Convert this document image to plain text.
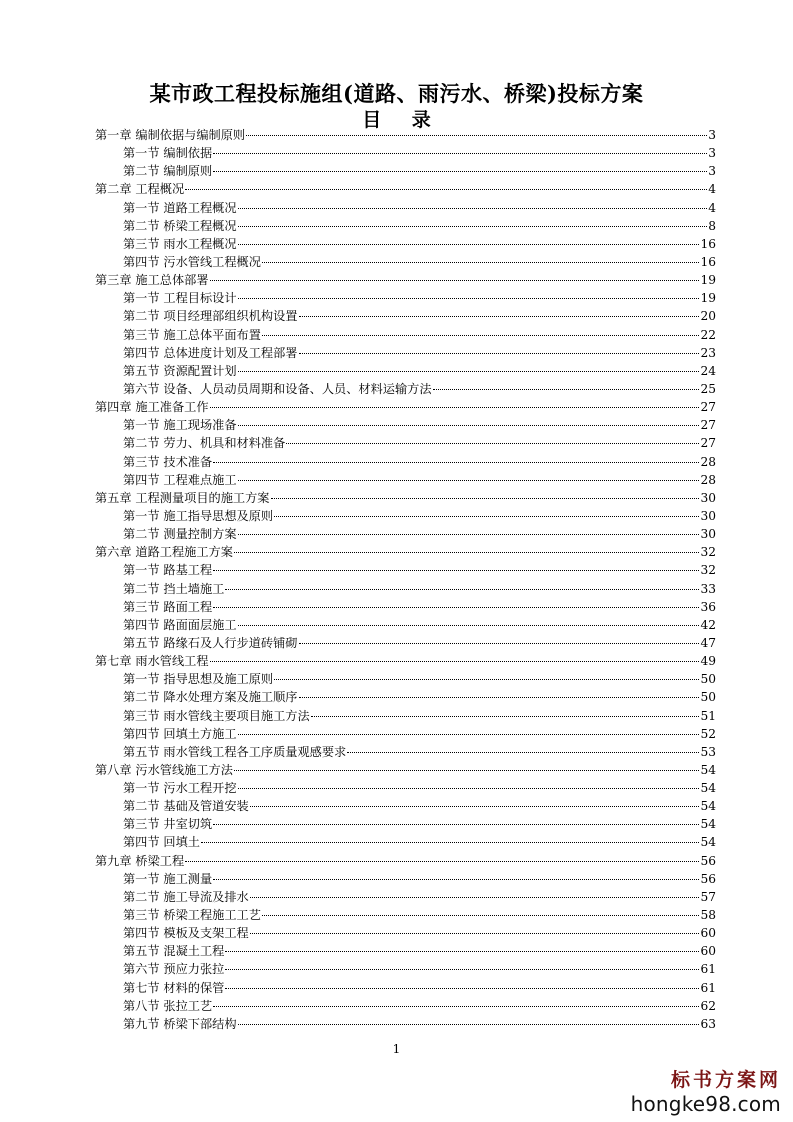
某市政工程投标施组(道路、雨污水、桥梁)投标方案
目 录
第一章 编制依据与编制原则	3
第一节 编制依据	3
第二节 编制原则	3
第二章 工程概况	4
第一节 道路工程概况	4
第二节 桥梁工程概况	8
第三节 雨水工程概况	16
第四节 污水管线工程概况	16
第三章 施工总体部署	19
第一节 工程目标设计	19
第二节 项目经理部组织机构设置	20
第三节 施工总体平面布置	22
第四节 总体进度计划及工程部署	23
第五节 资源配置计划	24
第六节 设备、人员动员周期和设备、人员、材料运输方法	25
第四章 施工准备工作	27
第一节 施工现场准备	27
第二节 劳力、机具和材料准备	27
第三节 技术准备	28
第四节 工程难点施工	28
第五章 工程测量项目的施工方案	30
第一节 施工指导思想及原则	30
第二节 测量控制方案	30
第六章 道路工程施工方案	32
第一节 路基工程	32
第二节 挡土墙施工	33
第三节 路面工程	36
第四节 路面面层施工	42
第五节 路缘石及人行步道砖铺砌	47
第七章 雨水管线工程	49
第一节 指导思想及施工原则	50
第二节 降水处理方案及施工顺序	50
第三节 雨水管线主要项目施工方法	51
第四节 回填土方施工	52
第五节 雨水管线工程各工序质量观感要求	53
第八章 污水管线施工方法	54
第一节 污水工程开挖	54
第二节 基础及管道安装	54
第三节 井室切筑	54
第四节 回填土	54
第九章 桥梁工程	56
第一节 施工测量	56
第二节 施工导流及排水	57
第三节 桥梁工程施工工艺	58
第四节 模板及支架工程	60
第五节 混凝土工程	60
第六节 预应力张拉	61
第七节 材料的保管	61
第八节 张拉工艺	62
第九节 桥梁下部结构	63
1
标书方案网
hongke98.com
